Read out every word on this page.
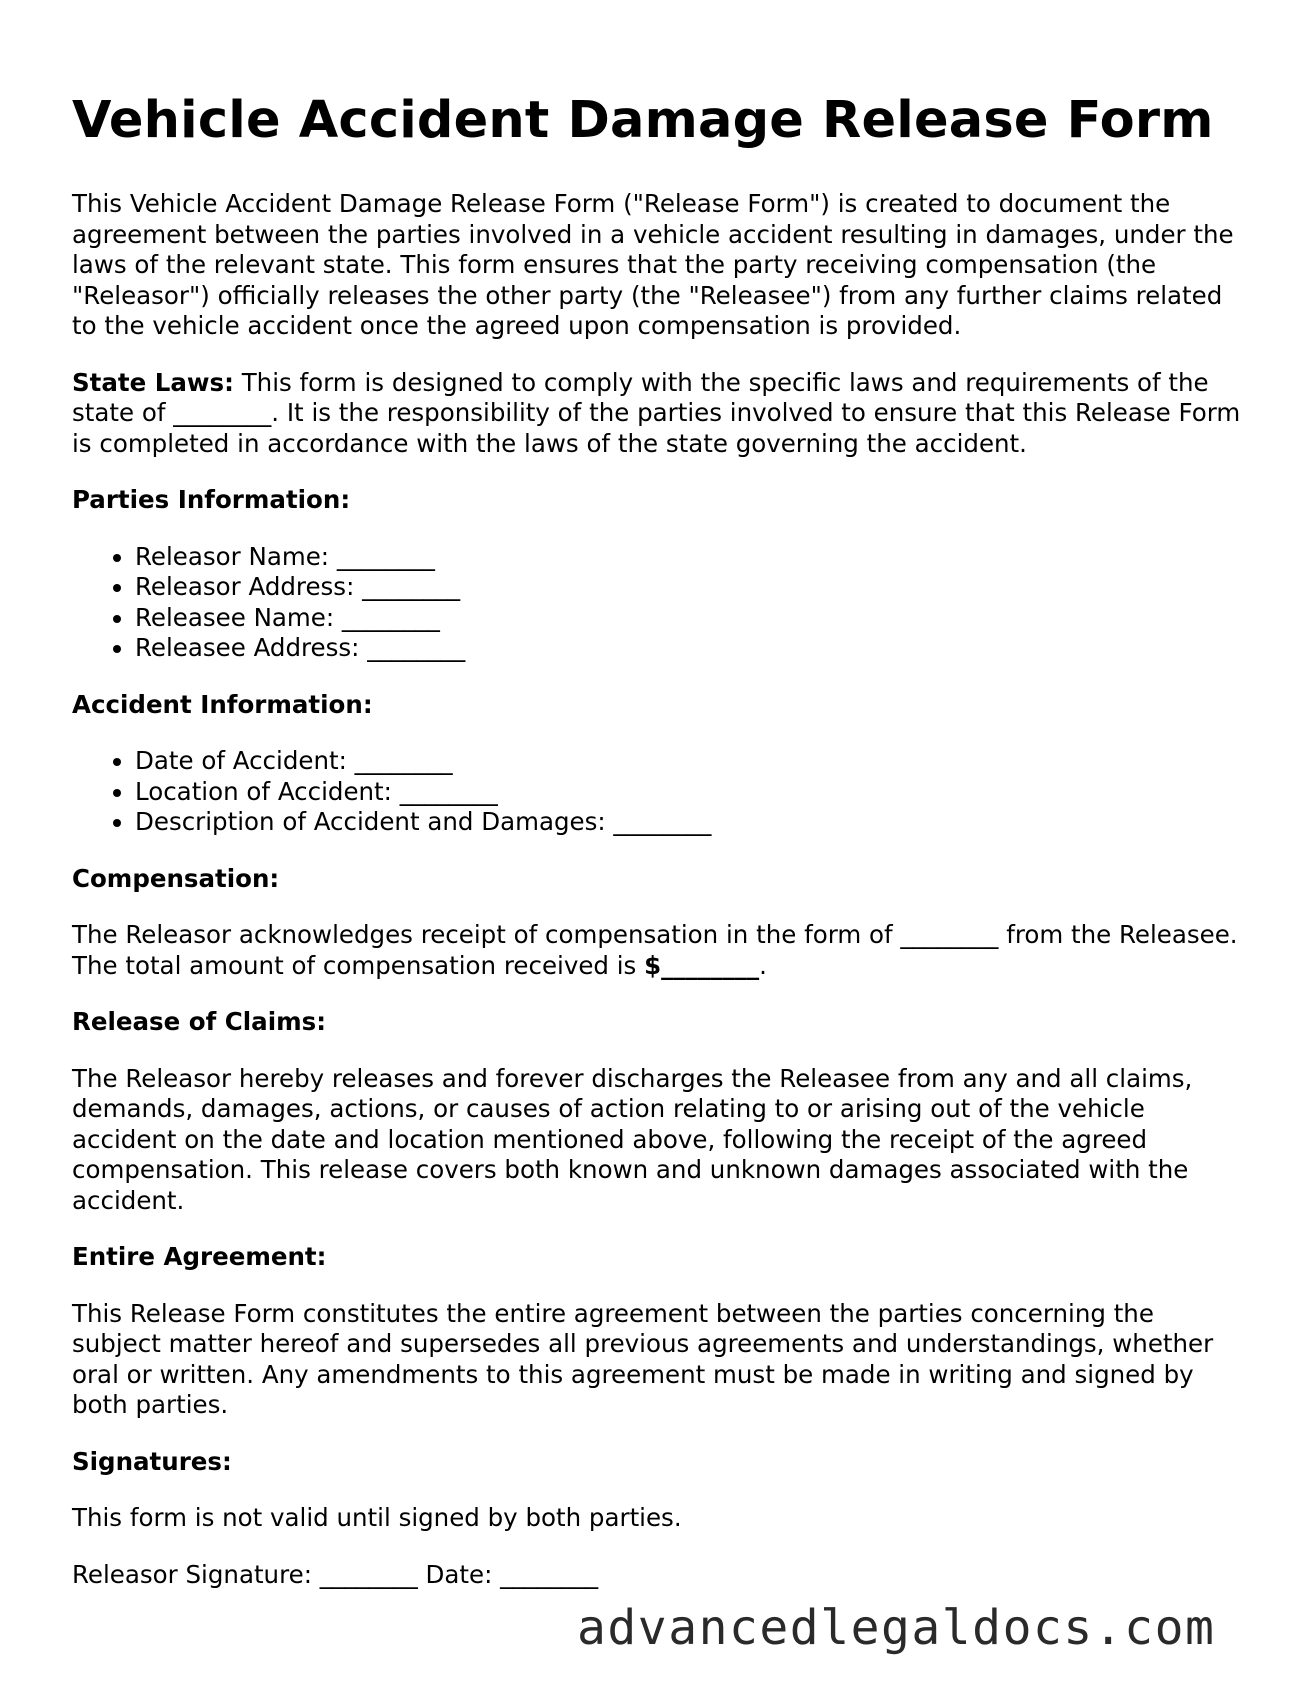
Vehicle Accident Damage Release Form

This Vehicle Accident Damage Release Form ("Release Form") is created to document the agreement between the parties involved in a vehicle accident resulting in damages, under the laws of the relevant state. This form ensures that the party receiving compensation (the "Releasor") officially releases the other party (the "Releasee") from any further claims related to the vehicle accident once the agreed upon compensation is provided.

State Laws: This form is designed to comply with the specific laws and requirements of the state of ________. It is the responsibility of the parties involved to ensure that this Release Form is completed in accordance with the laws of the state governing the accident.

Parties Information:
• Releasor Name: ________
• Releasor Address: ________
• Releasee Name: ________
• Releasee Address: ________
Accident Information:
• Date of Accident: ________
• Location of Accident: ________
• Description of Accident and Damages: ________
Compensation:

The Releasor acknowledges receipt of compensation in the form of ________ from the Releasee. The total amount of compensation received is $________.

Release of Claims:

The Releasor hereby releases and forever discharges the Releasee from any and all claims, demands, damages, actions, or causes of action relating to or arising out of the vehicle accident on the date and location mentioned above, following the receipt of the agreed compensation. This release covers both known and unknown damages associated with the accident.

Entire Agreement:

This Release Form constitutes the entire agreement between the parties concerning the subject matter hereof and supersedes all previous agreements and understandings, whether oral or written. Any amendments to this agreement must be made in writing and signed by both parties.

Signatures:

This form is not valid until signed by both parties.

Releasor Signature: ________ Date: ________

advancedlegaldocs.com
